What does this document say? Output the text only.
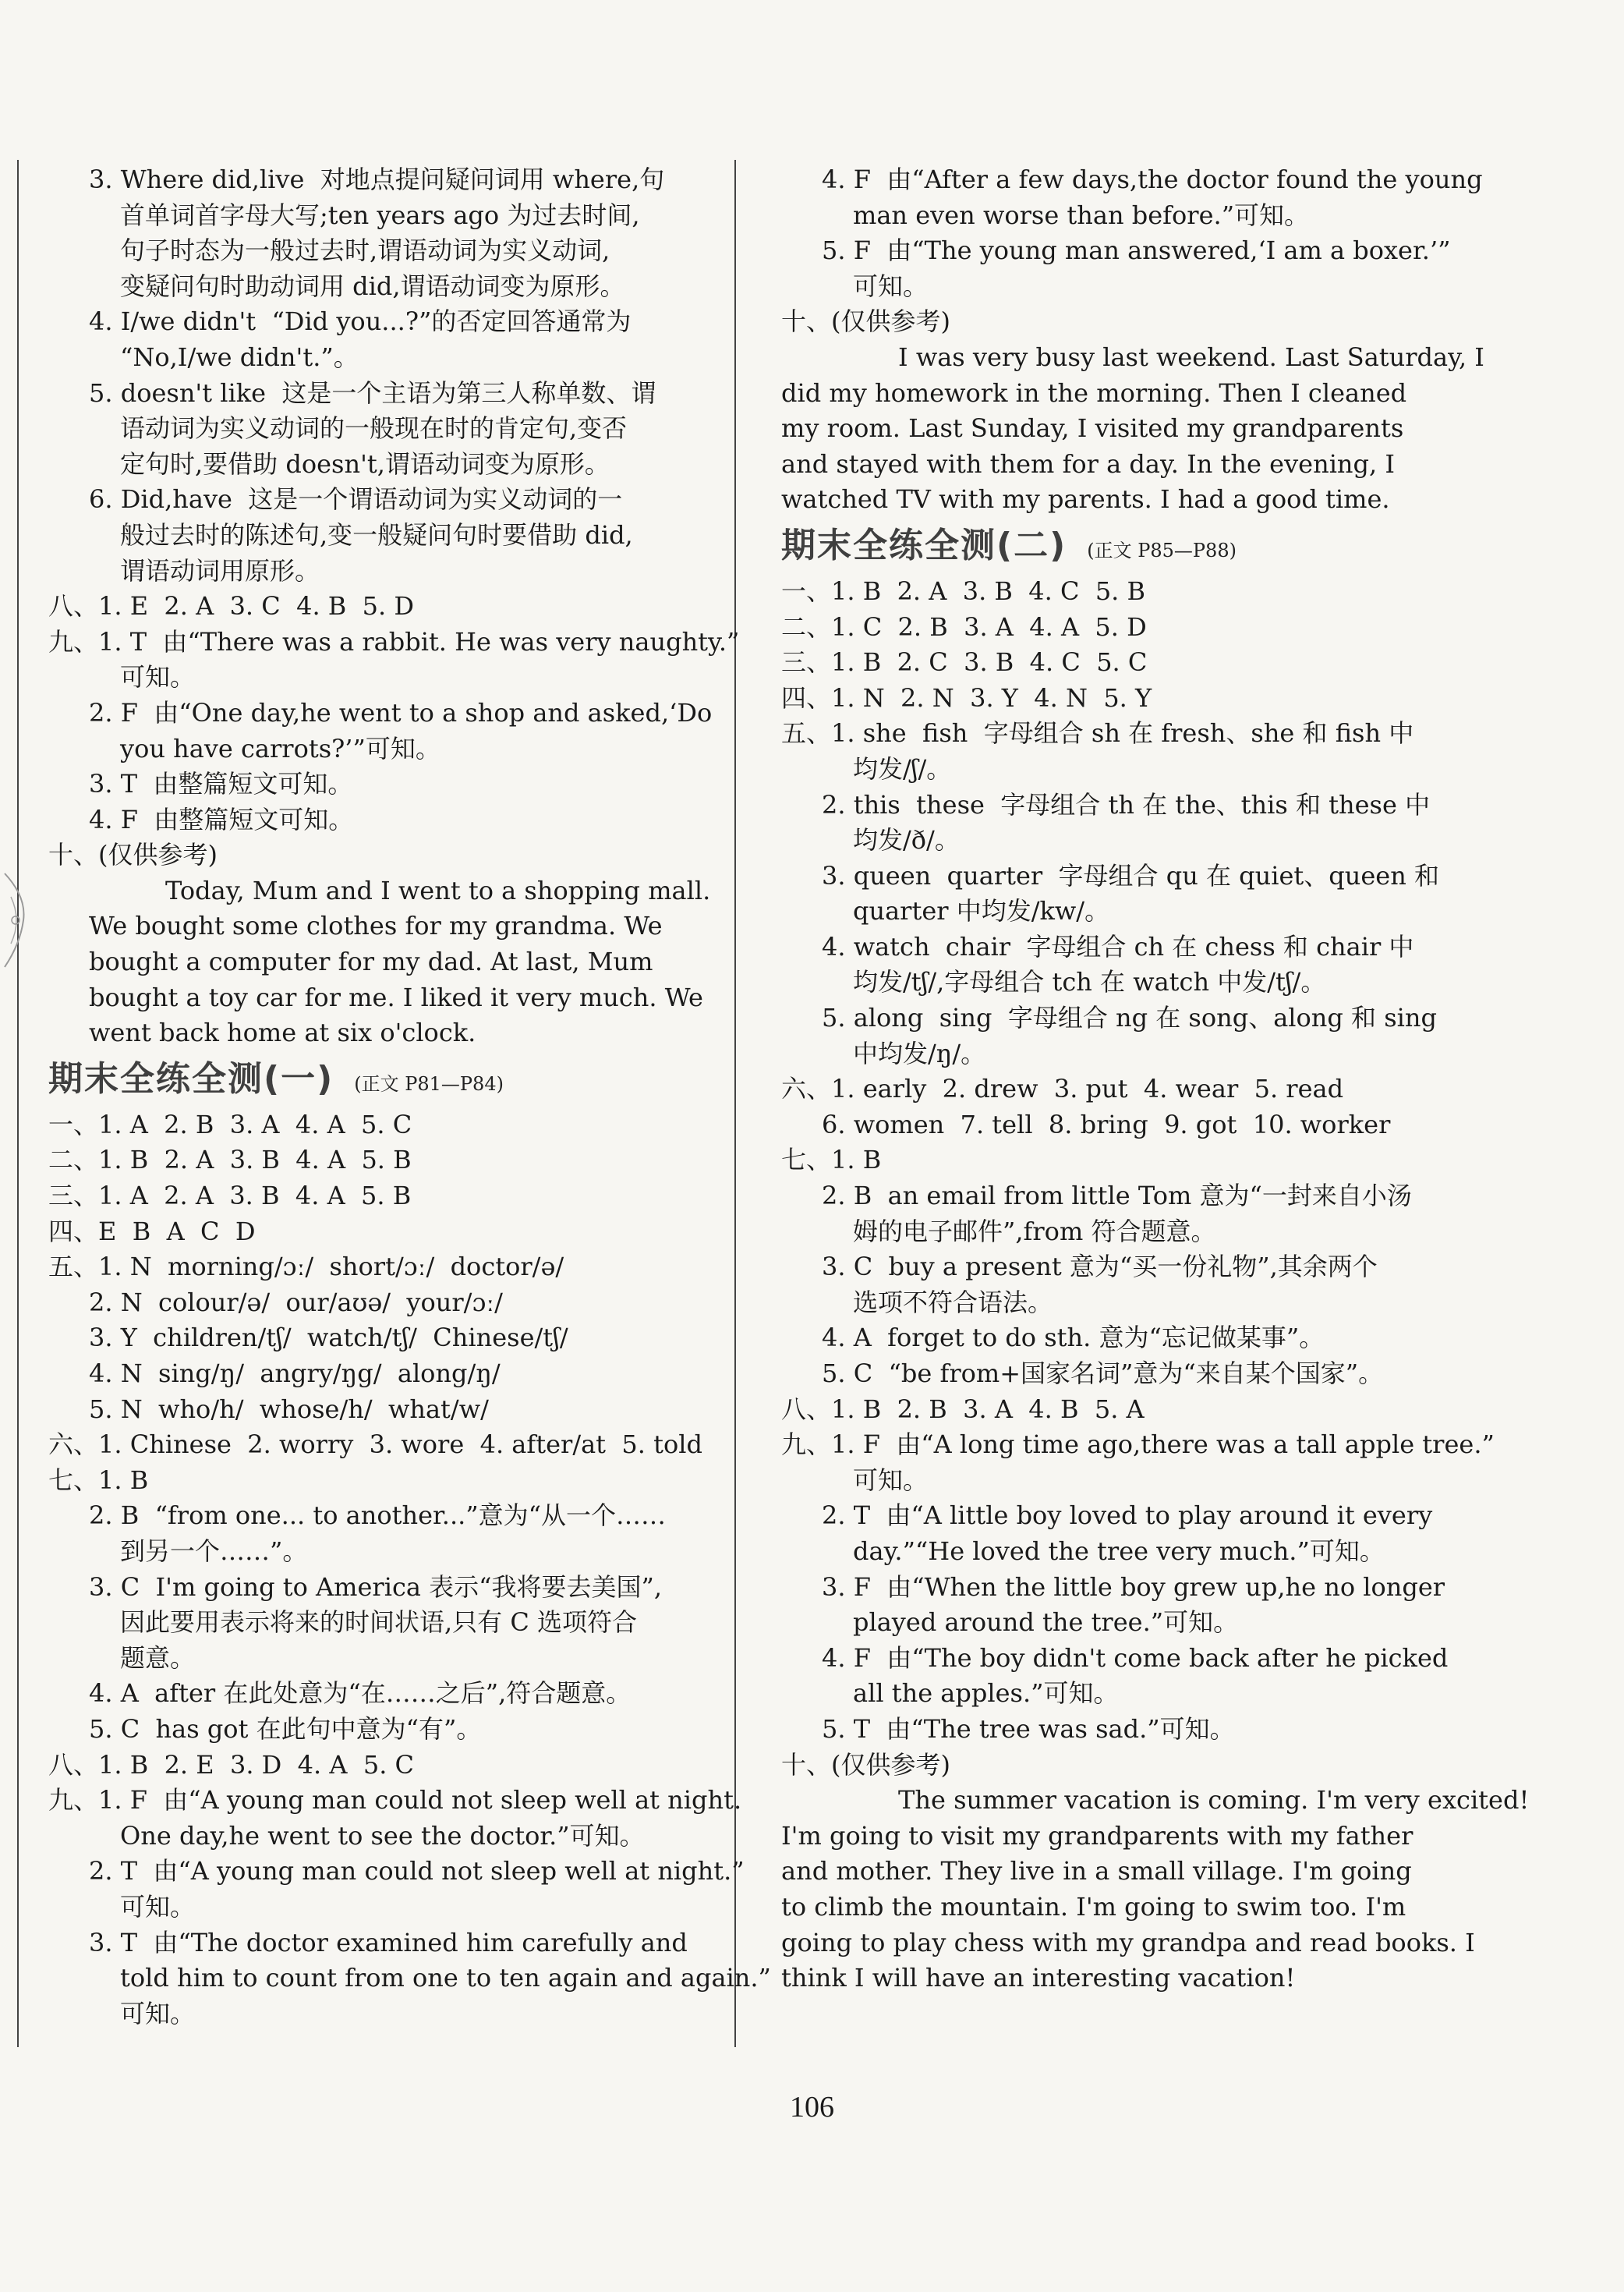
3. Where did,live  对地点提问疑问词用 where,句
首单词首字母大写;ten years ago 为过去时间,
句子时态为一般过去时,谓语动词为实义动词,
变疑问句时助动词用 did,谓语动词变为原形。
4. I/we didn't  “Did you...?”的否定回答通常为
“No,I/we didn't.”。
5. doesn't like  这是一个主语为第三人称单数、谓
语动词为实义动词的一般现在时的肯定句,变否
定句时,要借助 doesn't,谓语动词变为原形。
6. Did,have  这是一个谓语动词为实义动词的一
般过去时的陈述句,变一般疑问句时要借助 did,
谓语动词用原形。
八、1. E  2. A  3. C  4. B  5. D
九、1. T  由“There was a rabbit. He was very naughty.”
可知。
2. F  由“One day,he went to a shop and asked,‘Do
you have carrots?’”可知。
3. T  由整篇短文可知。
4. F  由整篇短文可知。
十、(仅供参考)
Today, Mum and I went to a shopping mall.
We bought some clothes for my grandma. We
bought a computer for my dad. At last, Mum
bought a toy car for me. I liked it very much. We
went back home at six o'clock.
期末全练全测(一) (正文 P81—P84)
一、1. A  2. B  3. A  4. A  5. C
二、1. B  2. A  3. B  4. A  5. B
三、1. A  2. A  3. B  4. A  5. B
四、E  B  A  C  D
五、1. N  morning/ɔː/  short/ɔː/  doctor/ə/
2. N  colour/ə/  our/aʊə/  your/ɔː/
3. Y  children/tʃ/  watch/tʃ/  Chinese/tʃ/
4. N  sing/ŋ/  angry/ŋg/  along/ŋ/
5. N  who/h/  whose/h/  what/w/
六、1. Chinese  2. worry  3. wore  4. after/at  5. told
七、1. B
2. B  “from one... to another...”意为“从一个……
到另一个……”。
3. C  I'm going to America 表示“我将要去美国”,
因此要用表示将来的时间状语,只有 C 选项符合
题意。
4. A  after 在此处意为“在……之后”,符合题意。
5. C  has got 在此句中意为“有”。
八、1. B  2. E  3. D  4. A  5. C
九、1. F  由“A young man could not sleep well at night.
One day,he went to see the doctor.”可知。
2. T  由“A young man could not sleep well at night.”
可知。
3. T  由“The doctor examined him carefully and
told him to count from one to ten again and again.”
可知。
4. F  由“After a few days,the doctor found the young
man even worse than before.”可知。
5. F  由“The young man answered,‘I am a boxer.’”
可知。
十、(仅供参考)
I was very busy last weekend. Last Saturday, I
did my homework in the morning. Then I cleaned
my room. Last Sunday, I visited my grandparents
and stayed with them for a day. In the evening, I
watched TV with my parents. I had a good time.
期末全练全测(二) (正文 P85—P88)
一、1. B  2. A  3. B  4. C  5. B
二、1. C  2. B  3. A  4. A  5. D
三、1. B  2. C  3. B  4. C  5. C
四、1. N  2. N  3. Y  4. N  5. Y
五、1. she  fish  字母组合 sh 在 fresh、she 和 fish 中
均发/ʃ/。
2. this  these  字母组合 th 在 the、this 和 these 中
均发/ð/。
3. queen  quarter  字母组合 qu 在 quiet、queen 和
quarter 中均发/kw/。
4. watch  chair  字母组合 ch 在 chess 和 chair 中
均发/tʃ/,字母组合 tch 在 watch 中发/tʃ/。
5. along  sing  字母组合 ng 在 song、along 和 sing
中均发/ŋ/。
六、1. early  2. drew  3. put  4. wear  5. read
6. women  7. tell  8. bring  9. got  10. worker
七、1. B
2. B  an email from little Tom 意为“一封来自小汤
姆的电子邮件”,from 符合题意。
3. C  buy a present 意为“买一份礼物”,其余两个
选项不符合语法。
4. A  forget to do sth. 意为“忘记做某事”。
5. C  “be from+国家名词”意为“来自某个国家”。
八、1. B  2. B  3. A  4. B  5. A
九、1. F  由“A long time ago,there was a tall apple tree.”
可知。
2. T  由“A little boy loved to play around it every
day.”“He loved the tree very much.”可知。
3. F  由“When the little boy grew up,he no longer
played around the tree.”可知。
4. F  由“The boy didn't come back after he picked
all the apples.”可知。
5. T  由“The tree was sad.”可知。
十、(仅供参考)
The summer vacation is coming. I'm very excited!
I'm going to visit my grandparents with my father
and mother. They live in a small village. I'm going
to climb the mountain. I'm going to swim too. I'm
going to play chess with my grandpa and read books. I
think I will have an interesting vacation!
106
